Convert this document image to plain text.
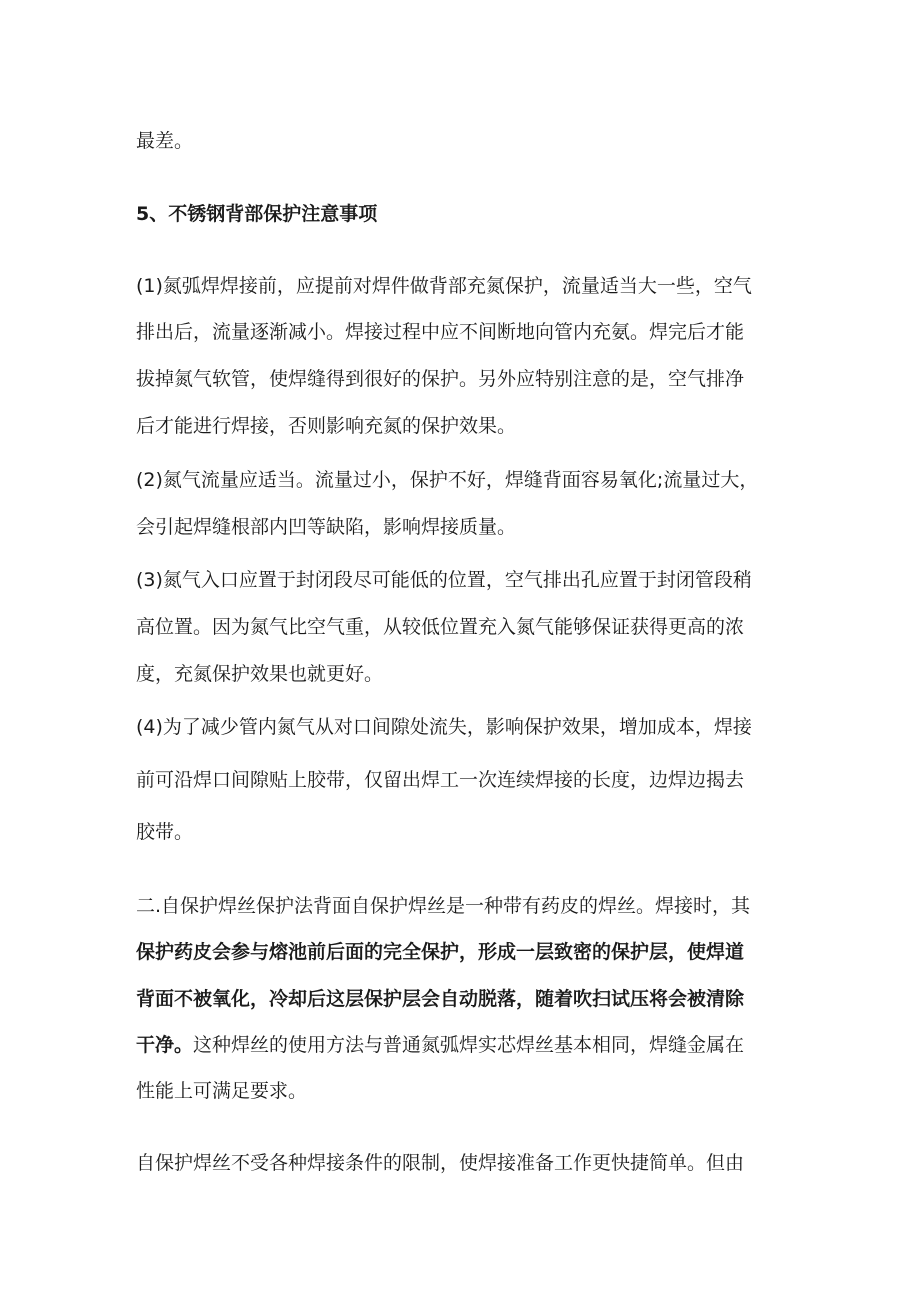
最差。
5、不锈钢背部保护注意事项
(1)氮弧焊焊接前，应提前对焊件做背部充氮保护，流量适当大一些，空气
排出后，流量逐渐减小。焊接过程中应不间断地向管内充氨。焊完后才能
拔掉氮气软管，使焊缝得到很好的保护。另外应特别注意的是，空气排净
后才能进行焊接，否则影响充氮的保护效果。
(2)氮气流量应适当。流量过小，保护不好，焊缝背面容易氧化;流量过大，
会引起焊缝根部内凹等缺陷，影响焊接质量。
(3)氮气入口应置于封闭段尽可能低的位置，空气排出孔应置于封闭管段稍
高位置。因为氮气比空气重，从较低位置充入氮气能够保证获得更高的浓
度，充氮保护效果也就更好。
(4)为了减少管内氮气从对口间隙处流失，影响保护效果，增加成本，焊接
前可沿焊口间隙贴上胶带，仅留出焊工一次连续焊接的长度，边焊边揭去
胶带。
二.自保护焊丝保护法背面自保护焊丝是一种带有药皮的焊丝。焊接时，其
保护药皮会参与熔池前后面的完全保护，形成一层致密的保护层，使焊道
背面不被氧化，冷却后这层保护层会自动脱落，随着吹扫试压将会被清除
干净。这种焊丝的使用方法与普通氮弧焊实芯焊丝基本相同，焊缝金属在
性能上可满足要求。
自保护焊丝不受各种焊接条件的限制，使焊接准备工作更快捷简单。但由
